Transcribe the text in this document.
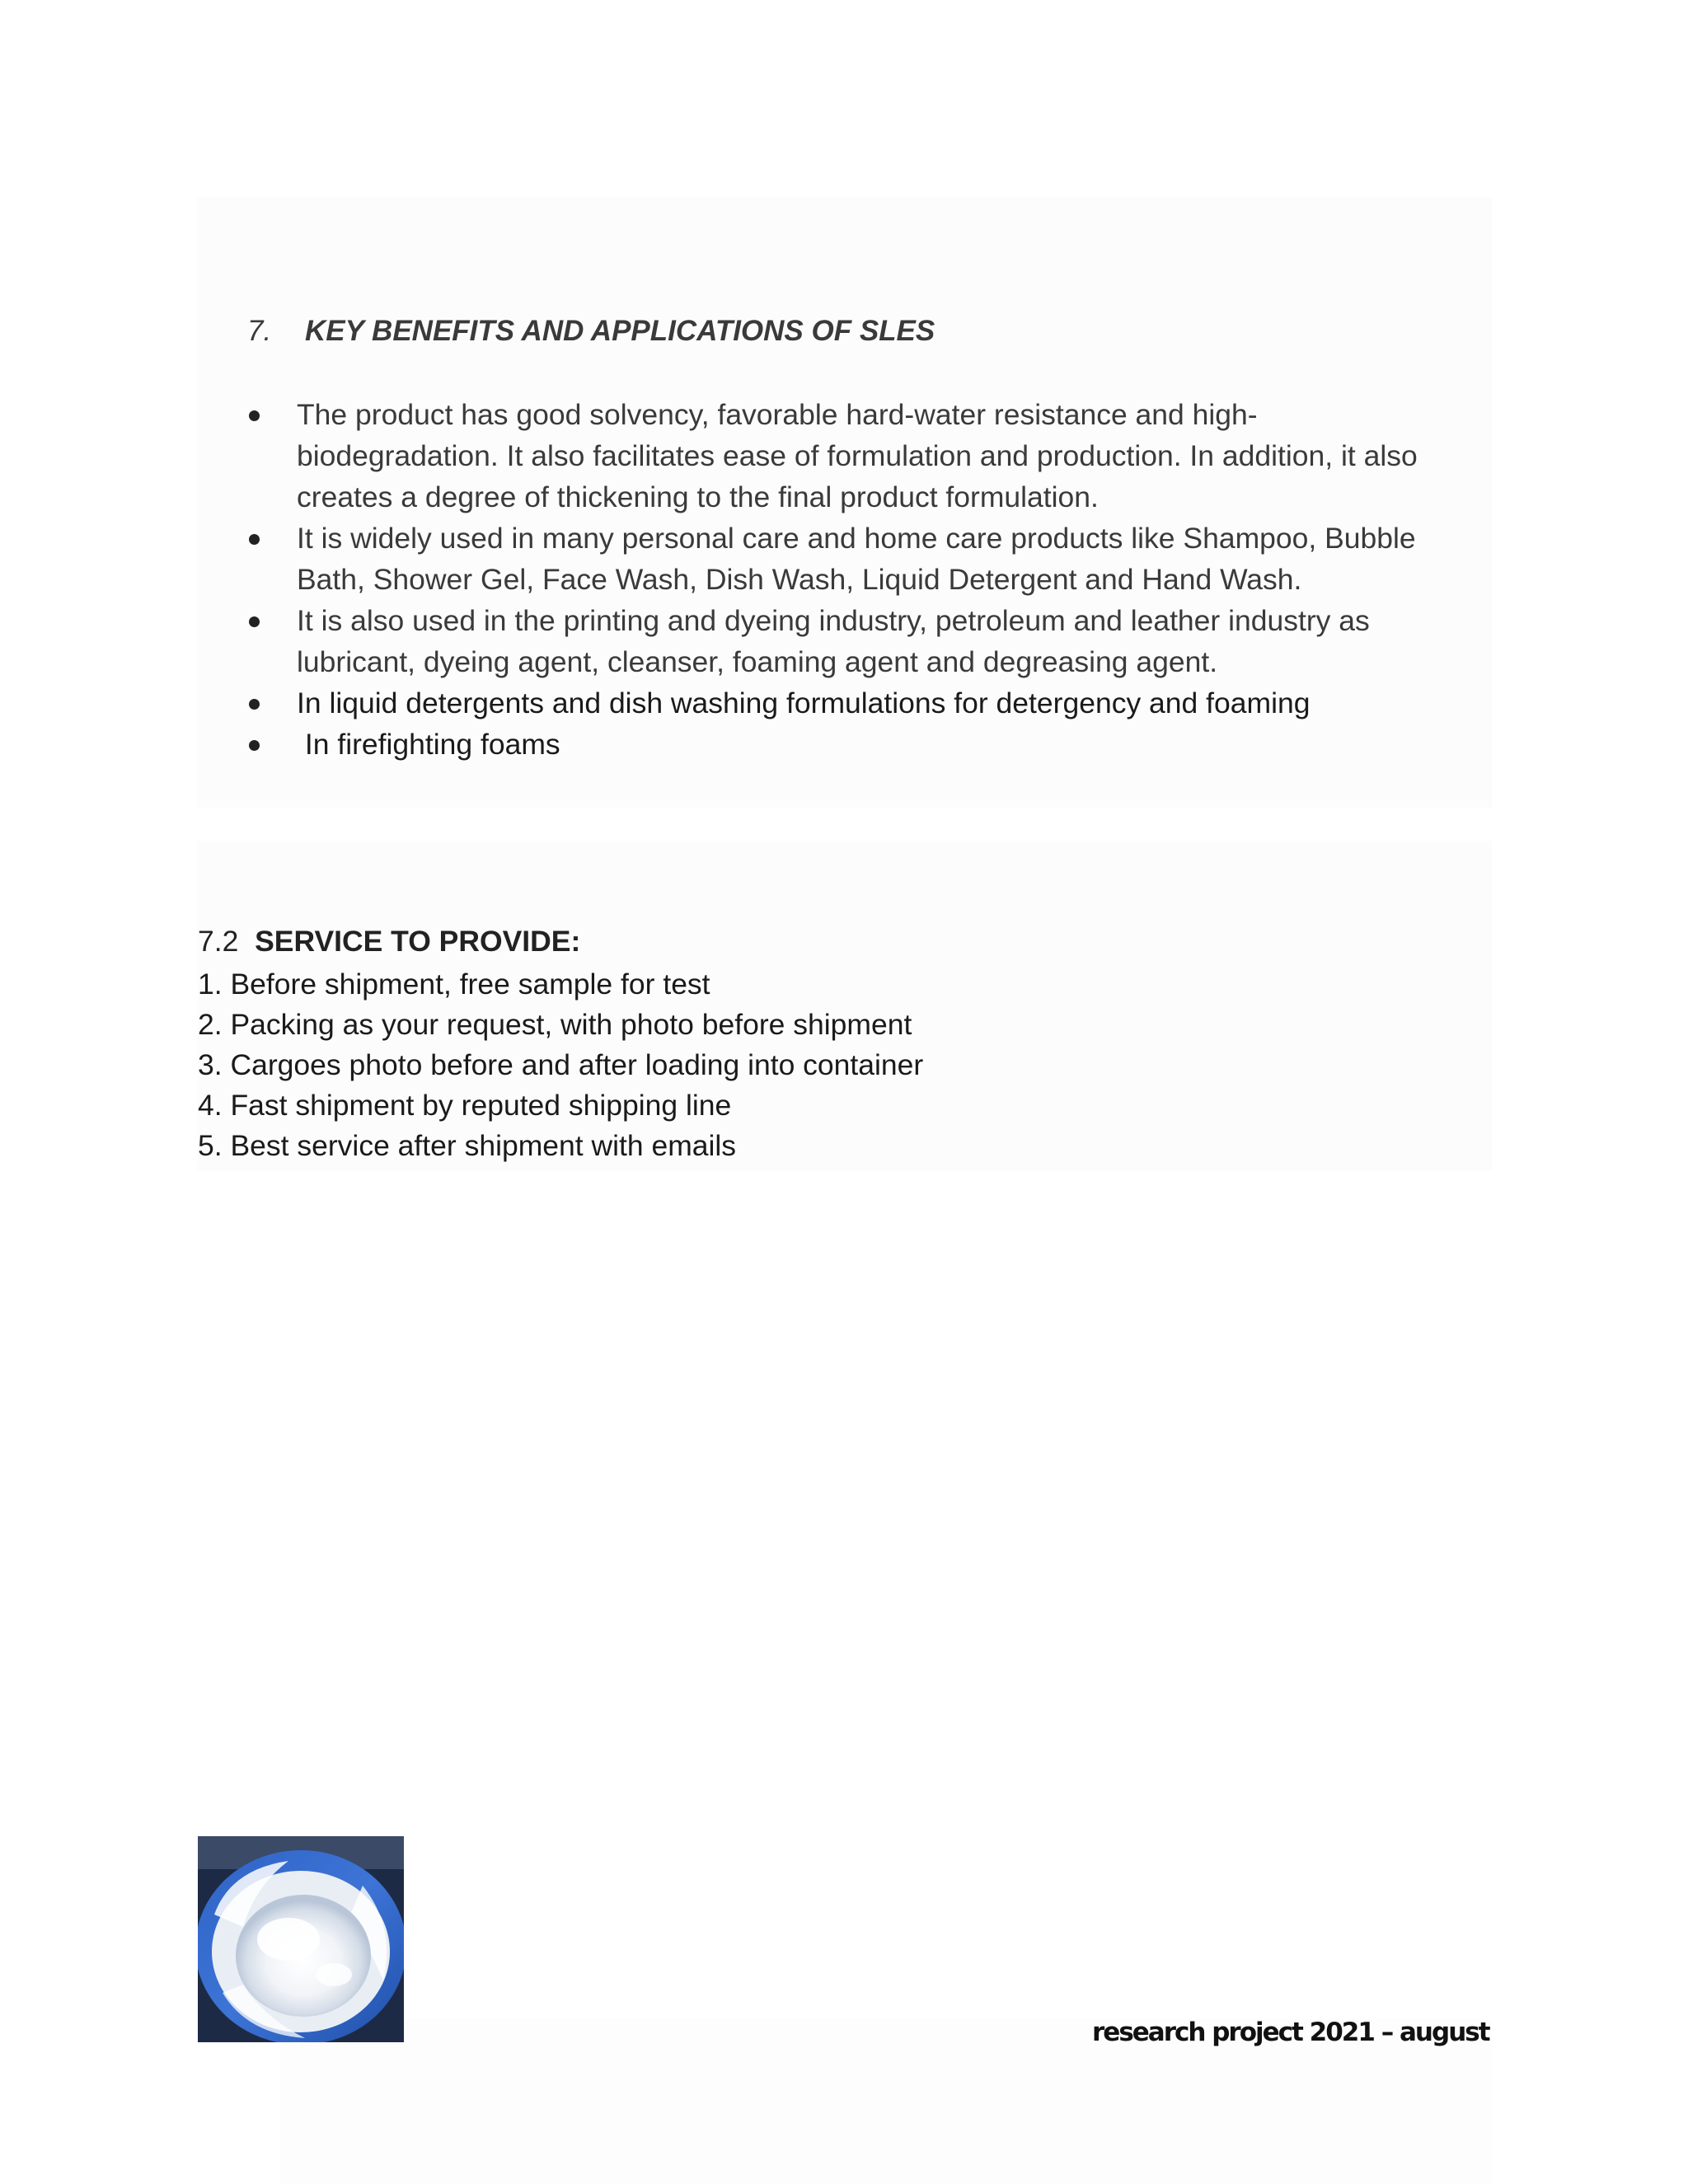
7. KEY BENEFITS AND APPLICATIONS OF SLES
The product has good solvency, favorable hard-water resistance and high-
biodegradation. It also facilitates ease of formulation and production. In addition, it also
creates a degree of thickening to the final product formulation.
It is widely used in many personal care and home care products like Shampoo, Bubble
Bath, Shower Gel, Face Wash, Dish Wash, Liquid Detergent and Hand Wash.
It is also used in the printing and dyeing industry, petroleum and leather industry as
lubricant, dyeing agent, cleanser, foaming agent and degreasing agent.
In liquid detergents and dish washing formulations for detergency and foaming
In firefighting foams
7.2 SERVICE TO PROVIDE:
1. Before shipment, free sample for test
2. Packing as your request, with photo before shipment
3. Cargoes photo before and after loading into container
4. Fast shipment by reputed shipping line
5. Best service after shipment with emails
research project 2021 – august
